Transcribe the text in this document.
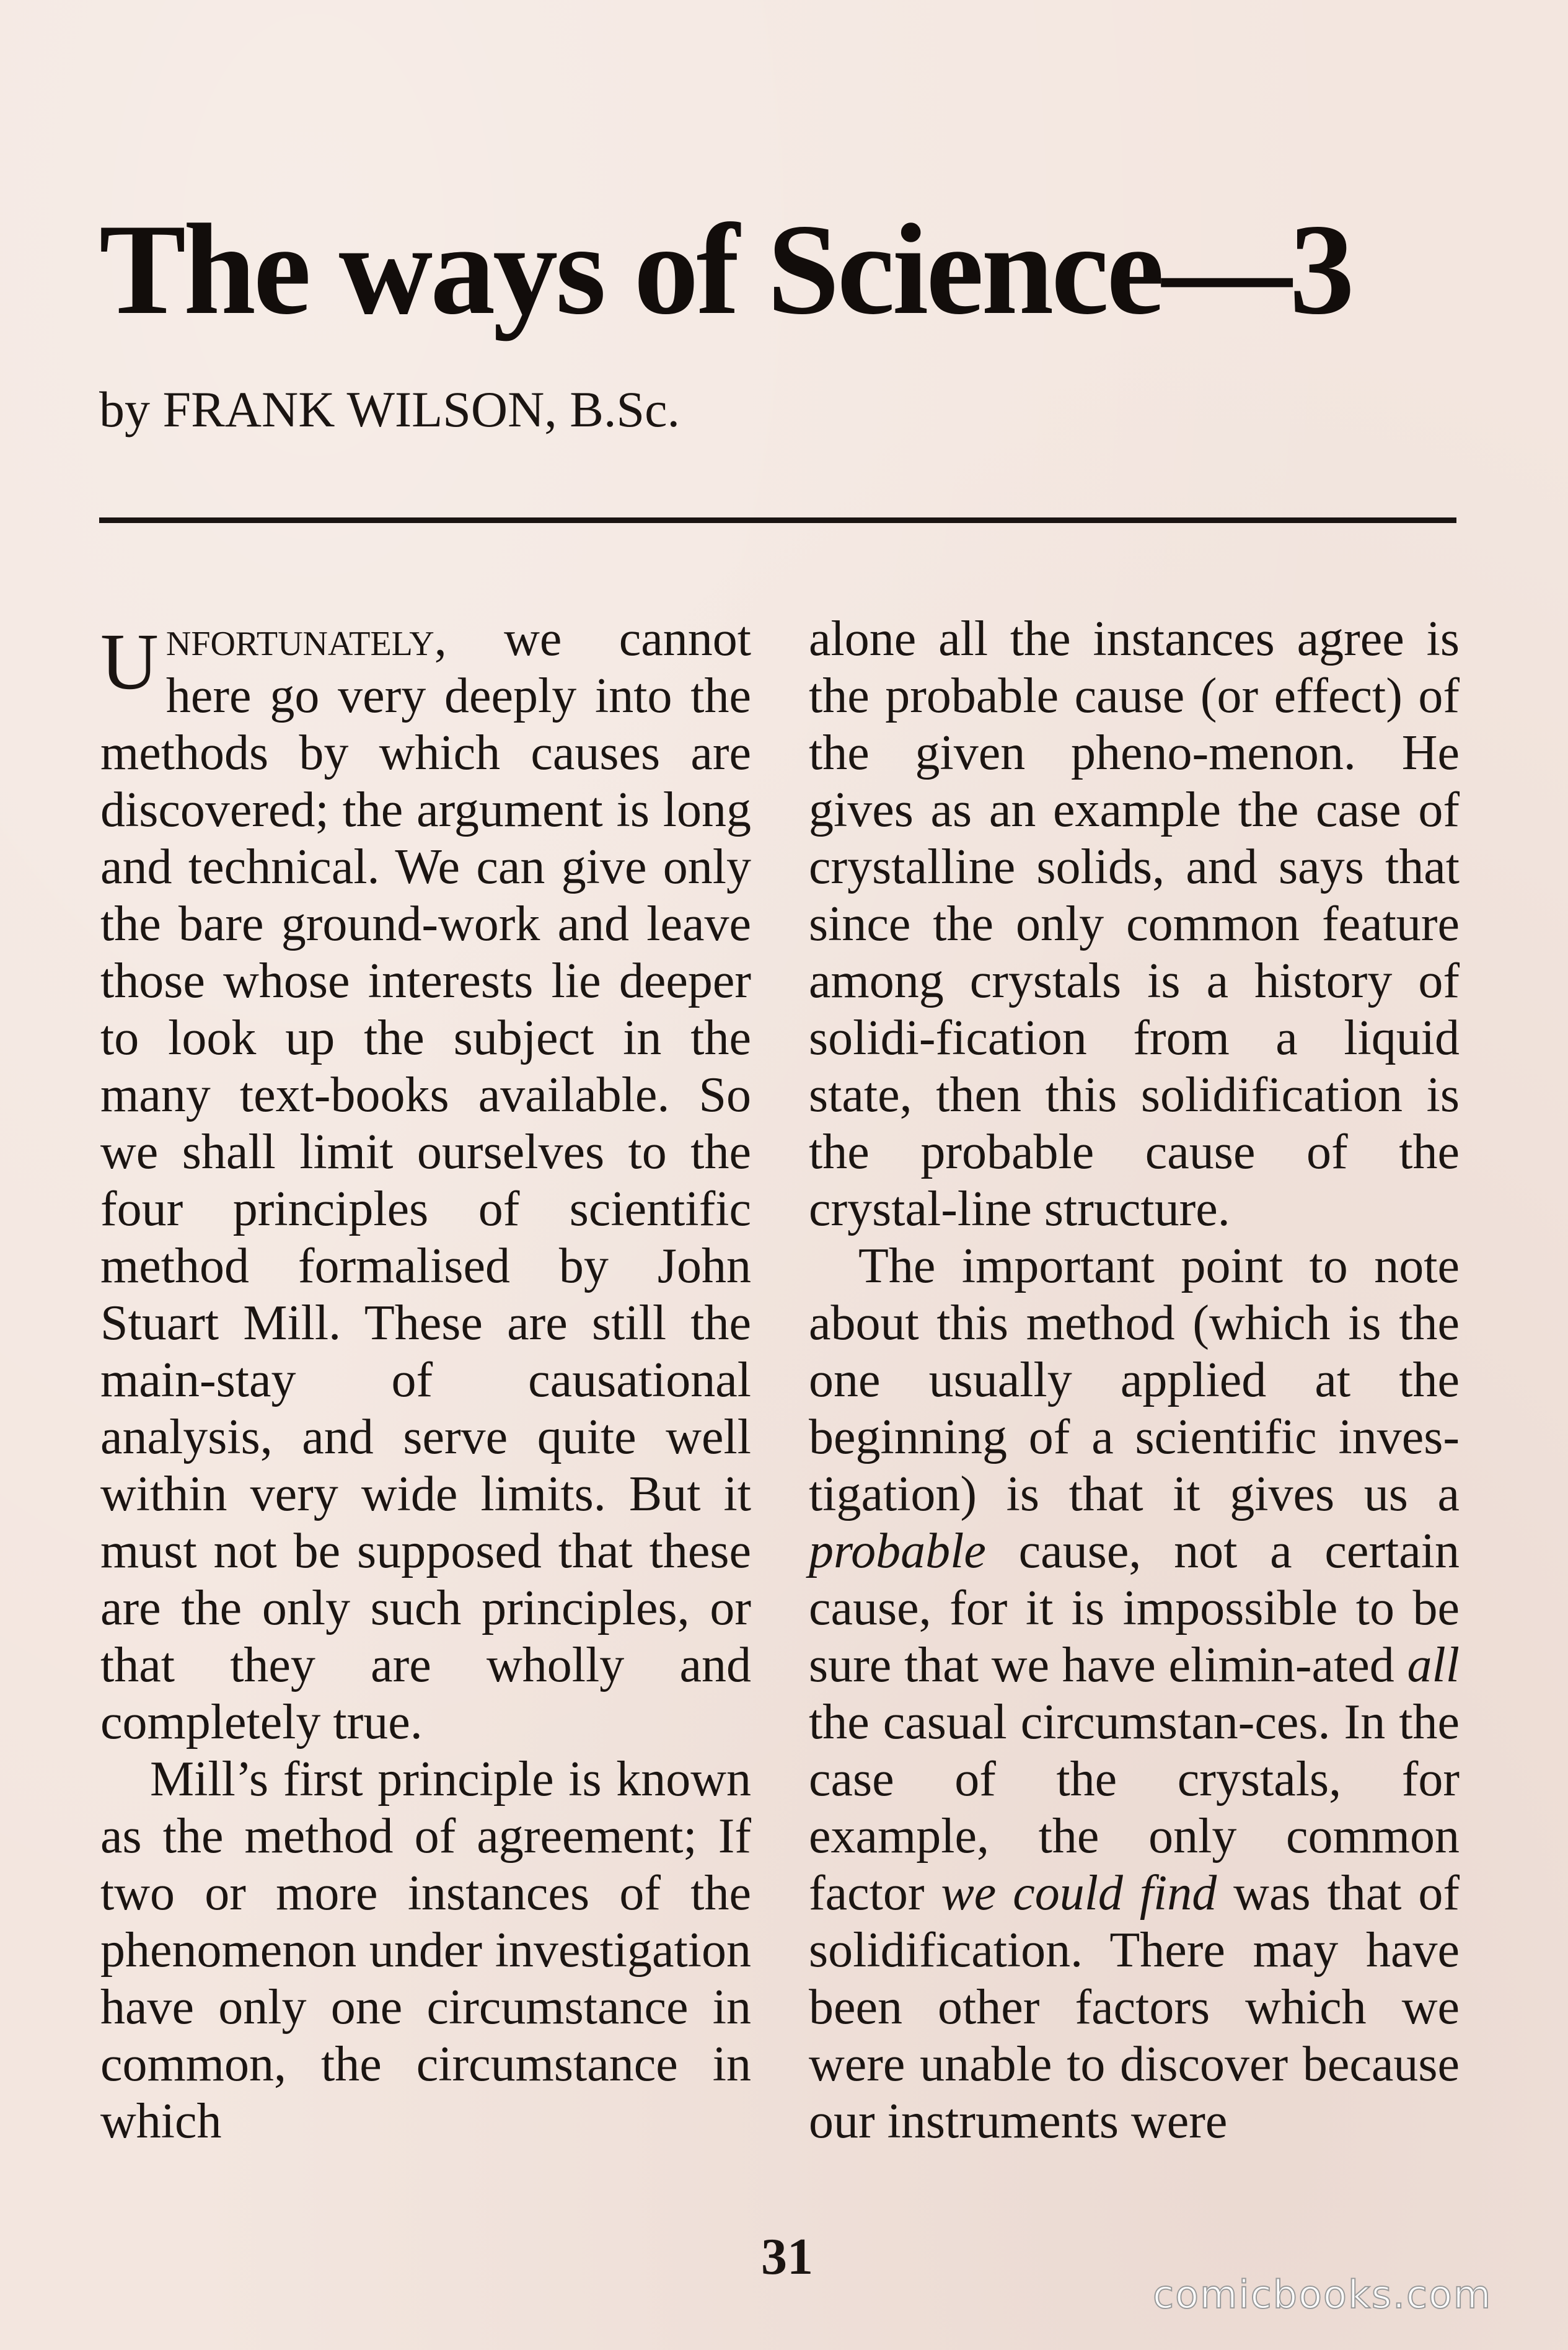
The ways of Science—3
by FRANK WILSON, B.Sc.

Unfortunately, we cannot here go very deeply into the methods by which causes are discovered; the argument is long and technical. We can give only the bare ground-work and leave those whose interests lie deeper to look up the subject in the many text-books available. So we shall limit ourselves to the four principles of scientific method formalised by John Stuart Mill. These are still the main-stay of causational analysis, and serve quite well within very wide limits. But it must not be supposed that these are the only such principles, or that they are wholly and completely true.

Mill’s first principle is known as the method of agreement; If two or more instances of the phenomenon under investigation have only one circumstance in common, the circumstance in which

alone all the instances agree is the probable cause (or effect) of the given pheno-menon. He gives as an example the case of crystalline solids, and says that since the only common feature among crystals is a history of solidi-fication from a liquid state, then this solidification is the probable cause of the crystal-line structure.

The important point to note about this method (which is the one usually applied at the beginning of a scientific inves-tigation) is that it gives us a probable cause, not a certain cause, for it is impossible to be sure that we have elimin-ated all the casual circumstan-ces. In the case of the crystals, for example, the only common factor we could find was that of solidification. There may have been other factors which we were unable to discover because our instruments were

31
comicbooks.com
